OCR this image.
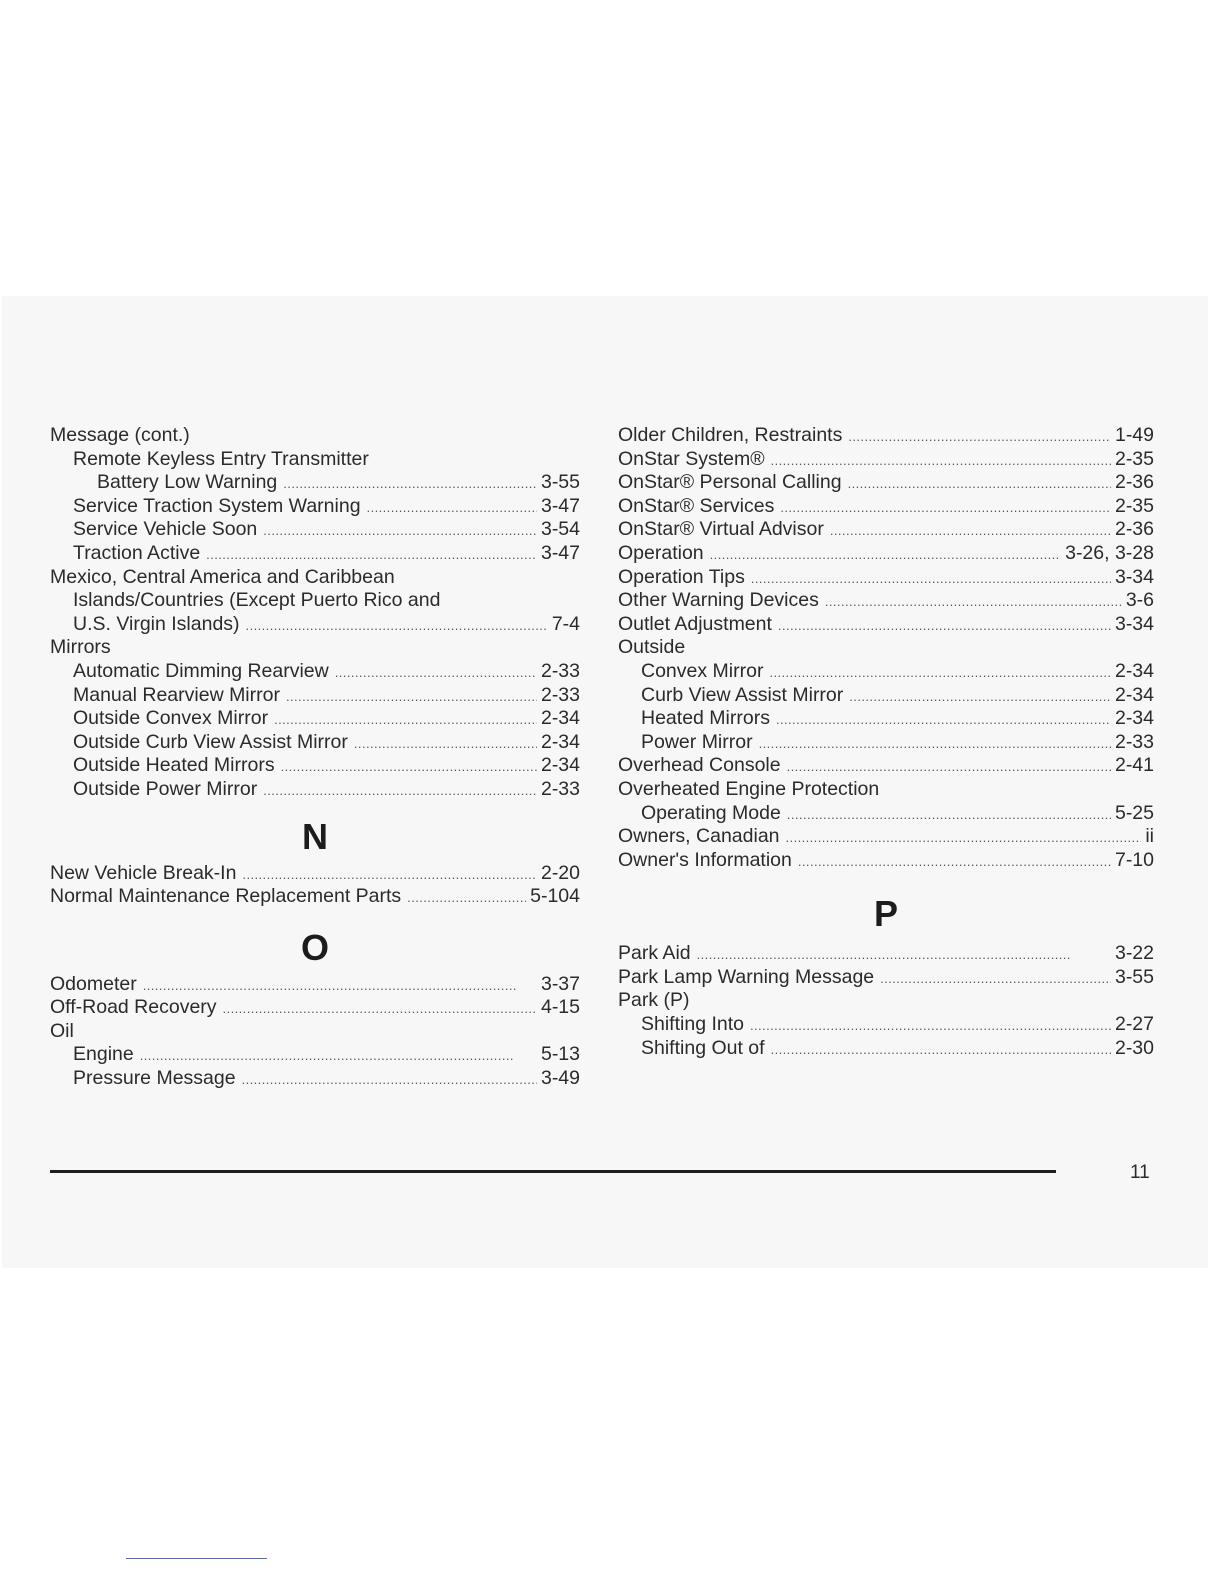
Message (cont.)
Remote Keyless Entry Transmitter
Battery Low Warning . . .	3-55
Service Traction System Warning . . .	3-47
Service Vehicle Soon . . .	3-54
Traction Active . . .	3-47
Mexico, Central America and Caribbean
Islands/Countries (Except Puerto Rico and
U.S. Virgin Islands) . . .	7-4
Mirrors
Automatic Dimming Rearview . . .	2-33
Manual Rearview Mirror . . .	2-33
Outside Convex Mirror . . .	2-34
Outside Curb View Assist Mirror . . .	2-34
Outside Heated Mirrors . . .	2-34
Outside Power Mirror . . .	2-33
N
New Vehicle Break-In . . .	2-20
Normal Maintenance Replacement Parts . . .	5-104
O
Odometer . . .	3-37
Off-Road Recovery . . .	4-15
Oil
Engine . . .	5-13
Pressure Message . . .	3-49
Older Children, Restraints . . .	1-49
OnStar System® . . .	2-35
OnStar® Personal Calling . . .	2-36
OnStar® Services . . .	2-35
OnStar® Virtual Advisor . . .	2-36
Operation . . .	3-26, 3-28
Operation Tips . . .	3-34
Other Warning Devices . . .	3-6
Outlet Adjustment . . .	3-34
Outside
Convex Mirror . . .	2-34
Curb View Assist Mirror . . .	2-34
Heated Mirrors . . .	2-34
Power Mirror . . .	2-33
Overhead Console . . .	2-41
Overheated Engine Protection
Operating Mode . . .	5-25
Owners, Canadian . . .	ii
Owner's Information . . .	7-10
P
Park Aid . . .	3-22
Park Lamp Warning Message . . .	3-55
Park (P)
Shifting Into . . .	2-27
Shifting Out of . . .	2-30
11
